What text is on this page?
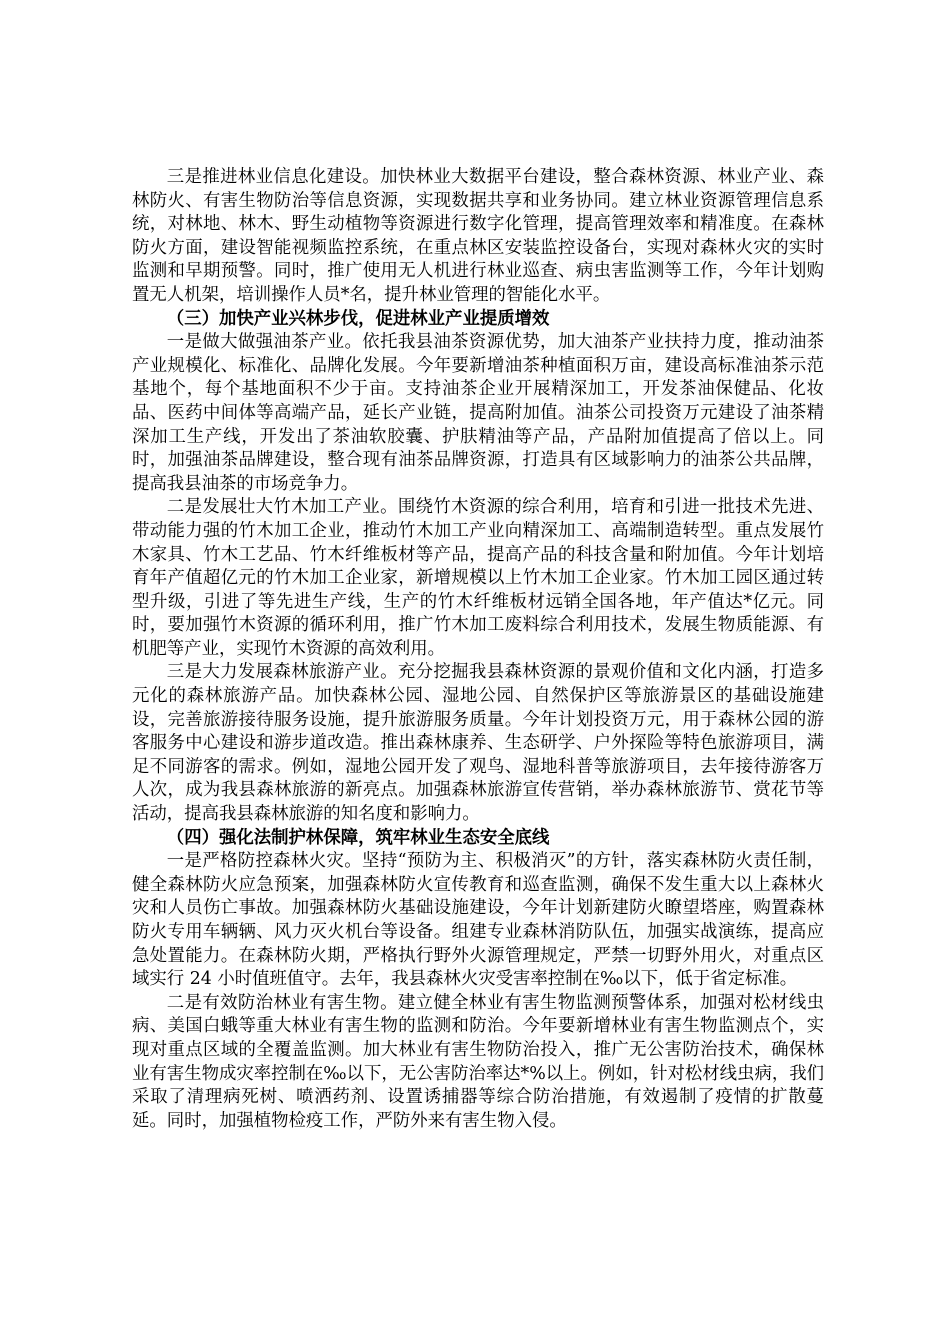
三是推进林业信息化建设。加快林业大数据平台建设，整合森林资源、林业产业、森林防火、有害生物防治等信息资源，实现数据共享和业务协同。建立林业资源管理信息系统，对林地、林木、野生动植物等资源进行数字化管理，提高管理效率和精准度。在森林防火方面，建设智能视频监控系统，在重点林区安装监控设备台，实现对森林火灾的实时监测和早期预警。同时，推广使用无人机进行林业巡查、病虫害监测等工作，今年计划购置无人机架，培训操作人员*名，提升林业管理的智能化水平。

（三）加快产业兴林步伐，促进林业产业提质增效

一是做大做强油茶产业。依托我县油茶资源优势，加大油茶产业扶持力度，推动油茶产业规模化、标准化、品牌化发展。今年要新增油茶种植面积万亩，建设高标准油茶示范基地个，每个基地面积不少于亩。支持油茶企业开展精深加工，开发茶油保健品、化妆品、医药中间体等高端产品，延长产业链，提高附加值。油茶公司投资万元建设了油茶精深加工生产线，开发出了茶油软胶囊、护肤精油等产品，产品附加值提高了倍以上。同时，加强油茶品牌建设，整合现有油茶品牌资源，打造具有区域影响力的油茶公共品牌，提高我县油茶的市场竞争力。

二是发展壮大竹木加工产业。围绕竹木资源的综合利用，培育和引进一批技术先进、带动能力强的竹木加工企业，推动竹木加工产业向精深加工、高端制造转型。重点发展竹木家具、竹木工艺品、竹木纤维板材等产品，提高产品的科技含量和附加值。今年计划培育年产值超亿元的竹木加工企业家，新增规模以上竹木加工企业家。竹木加工园区通过转型升级，引进了等先进生产线，生产的竹木纤维板材远销全国各地，年产值达*亿元。同时，要加强竹木资源的循环利用，推广竹木加工废料综合利用技术，发展生物质能源、有机肥等产业，实现竹木资源的高效利用。

三是大力发展森林旅游产业。充分挖掘我县森林资源的景观价值和文化内涵，打造多元化的森林旅游产品。加快森林公园、湿地公园、自然保护区等旅游景区的基础设施建设，完善旅游接待服务设施，提升旅游服务质量。今年计划投资万元，用于森林公园的游客服务中心建设和游步道改造。推出森林康养、生态研学、户外探险等特色旅游项目，满足不同游客的需求。例如，湿地公园开发了观鸟、湿地科普等旅游项目，去年接待游客万人次，成为我县森林旅游的新亮点。加强森林旅游宣传营销，举办森林旅游节、赏花节等活动，提高我县森林旅游的知名度和影响力。

（四）强化法制护林保障，筑牢林业生态安全底线

一是严格防控森林火灾。坚持“预防为主、积极消灭”的方针，落实森林防火责任制，健全森林防火应急预案，加强森林防火宣传教育和巡查监测，确保不发生重大以上森林火灾和人员伤亡事故。加强森林防火基础设施建设，今年计划新建防火瞭望塔座，购置森林防火专用车辆辆、风力灭火机台等设备。组建专业森林消防队伍，加强实战演练，提高应急处置能力。在森林防火期，严格执行野外火源管理规定，严禁一切野外用火，对重点区域实行 24 小时值班值守。去年，我县森林火灾受害率控制在‰以下，低于省定标准。

二是有效防治林业有害生物。建立健全林业有害生物监测预警体系，加强对松材线虫病、美国白蛾等重大林业有害生物的监测和防治。今年要新增林业有害生物监测点个，实现对重点区域的全覆盖监测。加大林业有害生物防治投入，推广无公害防治技术，确保林业有害生物成灾率控制在‰以下，无公害防治率达*%以上。例如，针对松材线虫病，我们采取了清理病死树、喷洒药剂、设置诱捕器等综合防治措施，有效遏制了疫情的扩散蔓延。同时，加强植物检疫工作，严防外来有害生物入侵。
